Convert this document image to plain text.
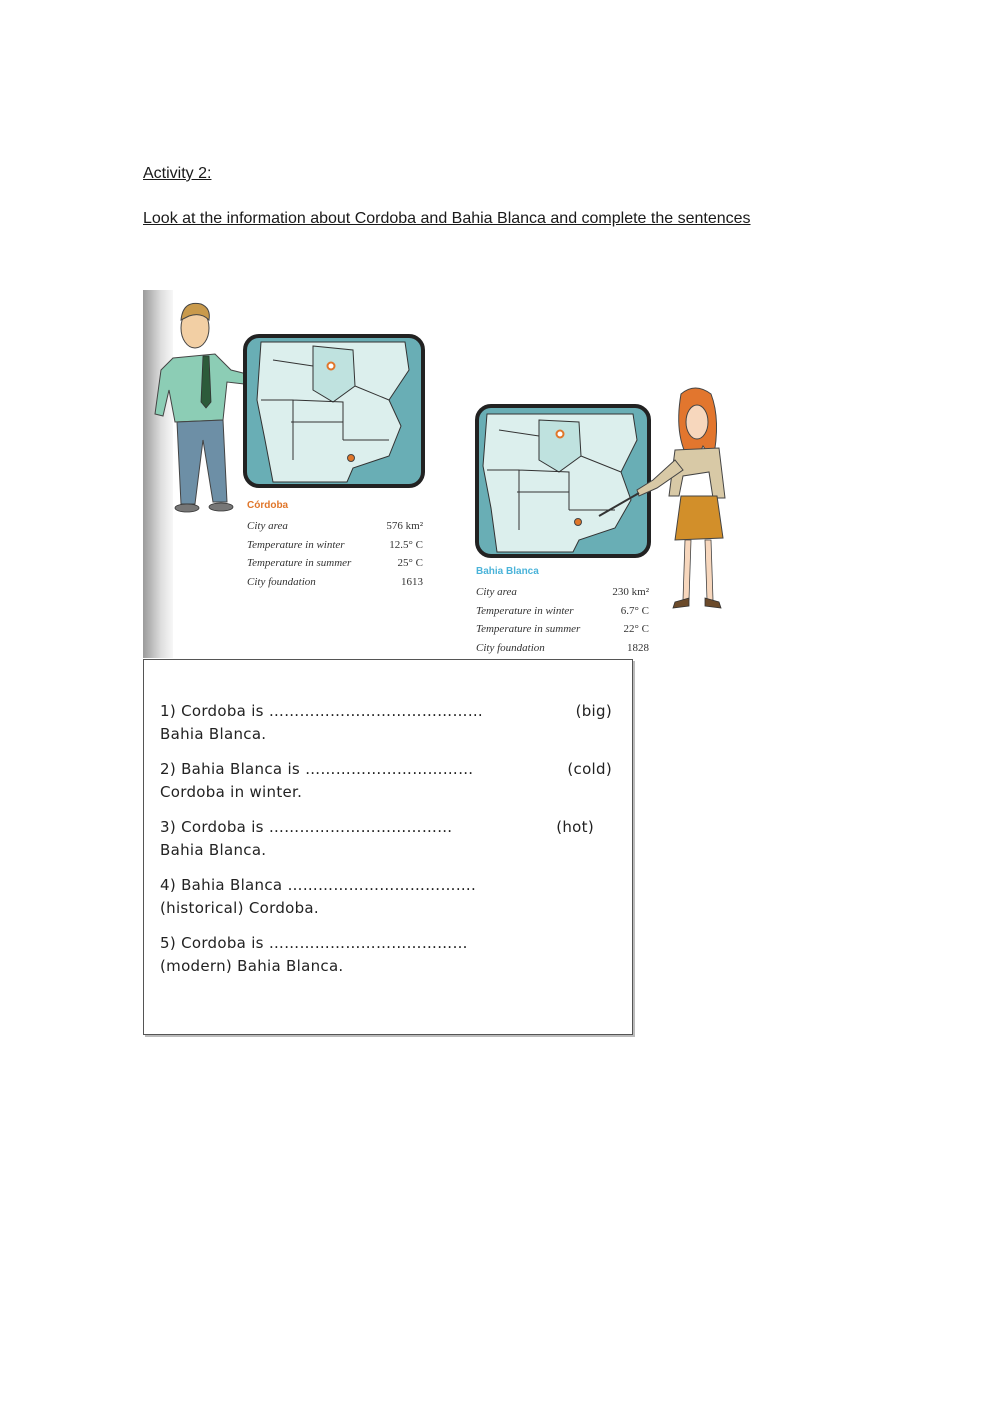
Activity 2:
Look at the information about Cordoba and Bahia Blanca and complete the sentences
Córdoba
City area	576 km²
Temperature in winter	12.5° C
Temperature in summer	25° C
City foundation	1613
Bahia Blanca
City area	230 km²
Temperature in winter	6.7° C
Temperature in summer	22° C
City foundation	1828
1) Cordoba is ……………………………………	(big)
Bahia Blanca.
2) Bahia Blanca is ……………………………	(cold)
Cordoba in winter.
3) Cordoba is ………………………………	(hot)
Bahia Blanca.
4) Bahia Blanca ……………………………….
(historical) Cordoba.
5) Cordoba is …………………………………
(modern) Bahia Blanca.
